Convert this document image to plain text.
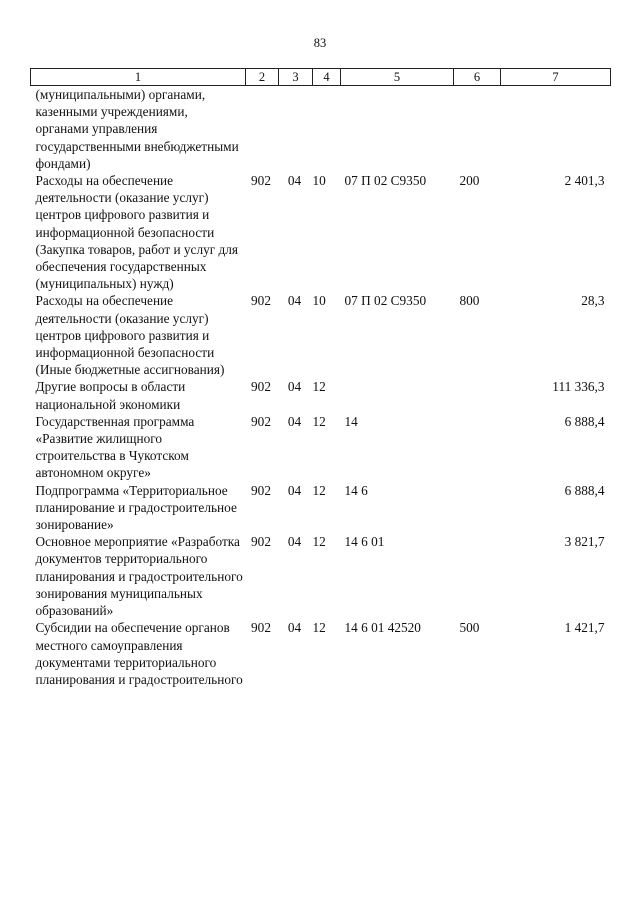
83
1	2	3	4	5	6	7
(муниципальными) органами, казенными учреждениями, органами управления государственными внебюджетными фондами)						
Расходы на обеспечение деятельности (оказание услуг) центров цифрового развития и информационной безопасности (Закупка товаров, работ и услуг для обеспечения государственных (муниципальных) нужд)	902	04	10	07 П 02 С9350	200	2 401,3
Расходы на обеспечение деятельности (оказание услуг) центров цифрового развития и информационной безопасности (Иные бюджетные ассигнования)	902	04	10	07 П 02 С9350	800	28,3
Другие вопросы в области национальной экономики	902	04	12			111 336,3
Государственная программа «Развитие жилищного строительства в Чукотском автономном округе»	902	04	12	14		6 888,4
Подпрограмма «Территориальное планирование и градостроительное зонирование»	902	04	12	14 6		6 888,4
Основное мероприятие «Разработка документов территориального планирования и градостроительного зонирования муниципальных образований»	902	04	12	14 6 01		3 821,7
Субсидии на обеспечение органов местного самоуправления документами территориального планирования и градостроительного	902	04	12	14 6 01 42520	500	1 421,7
